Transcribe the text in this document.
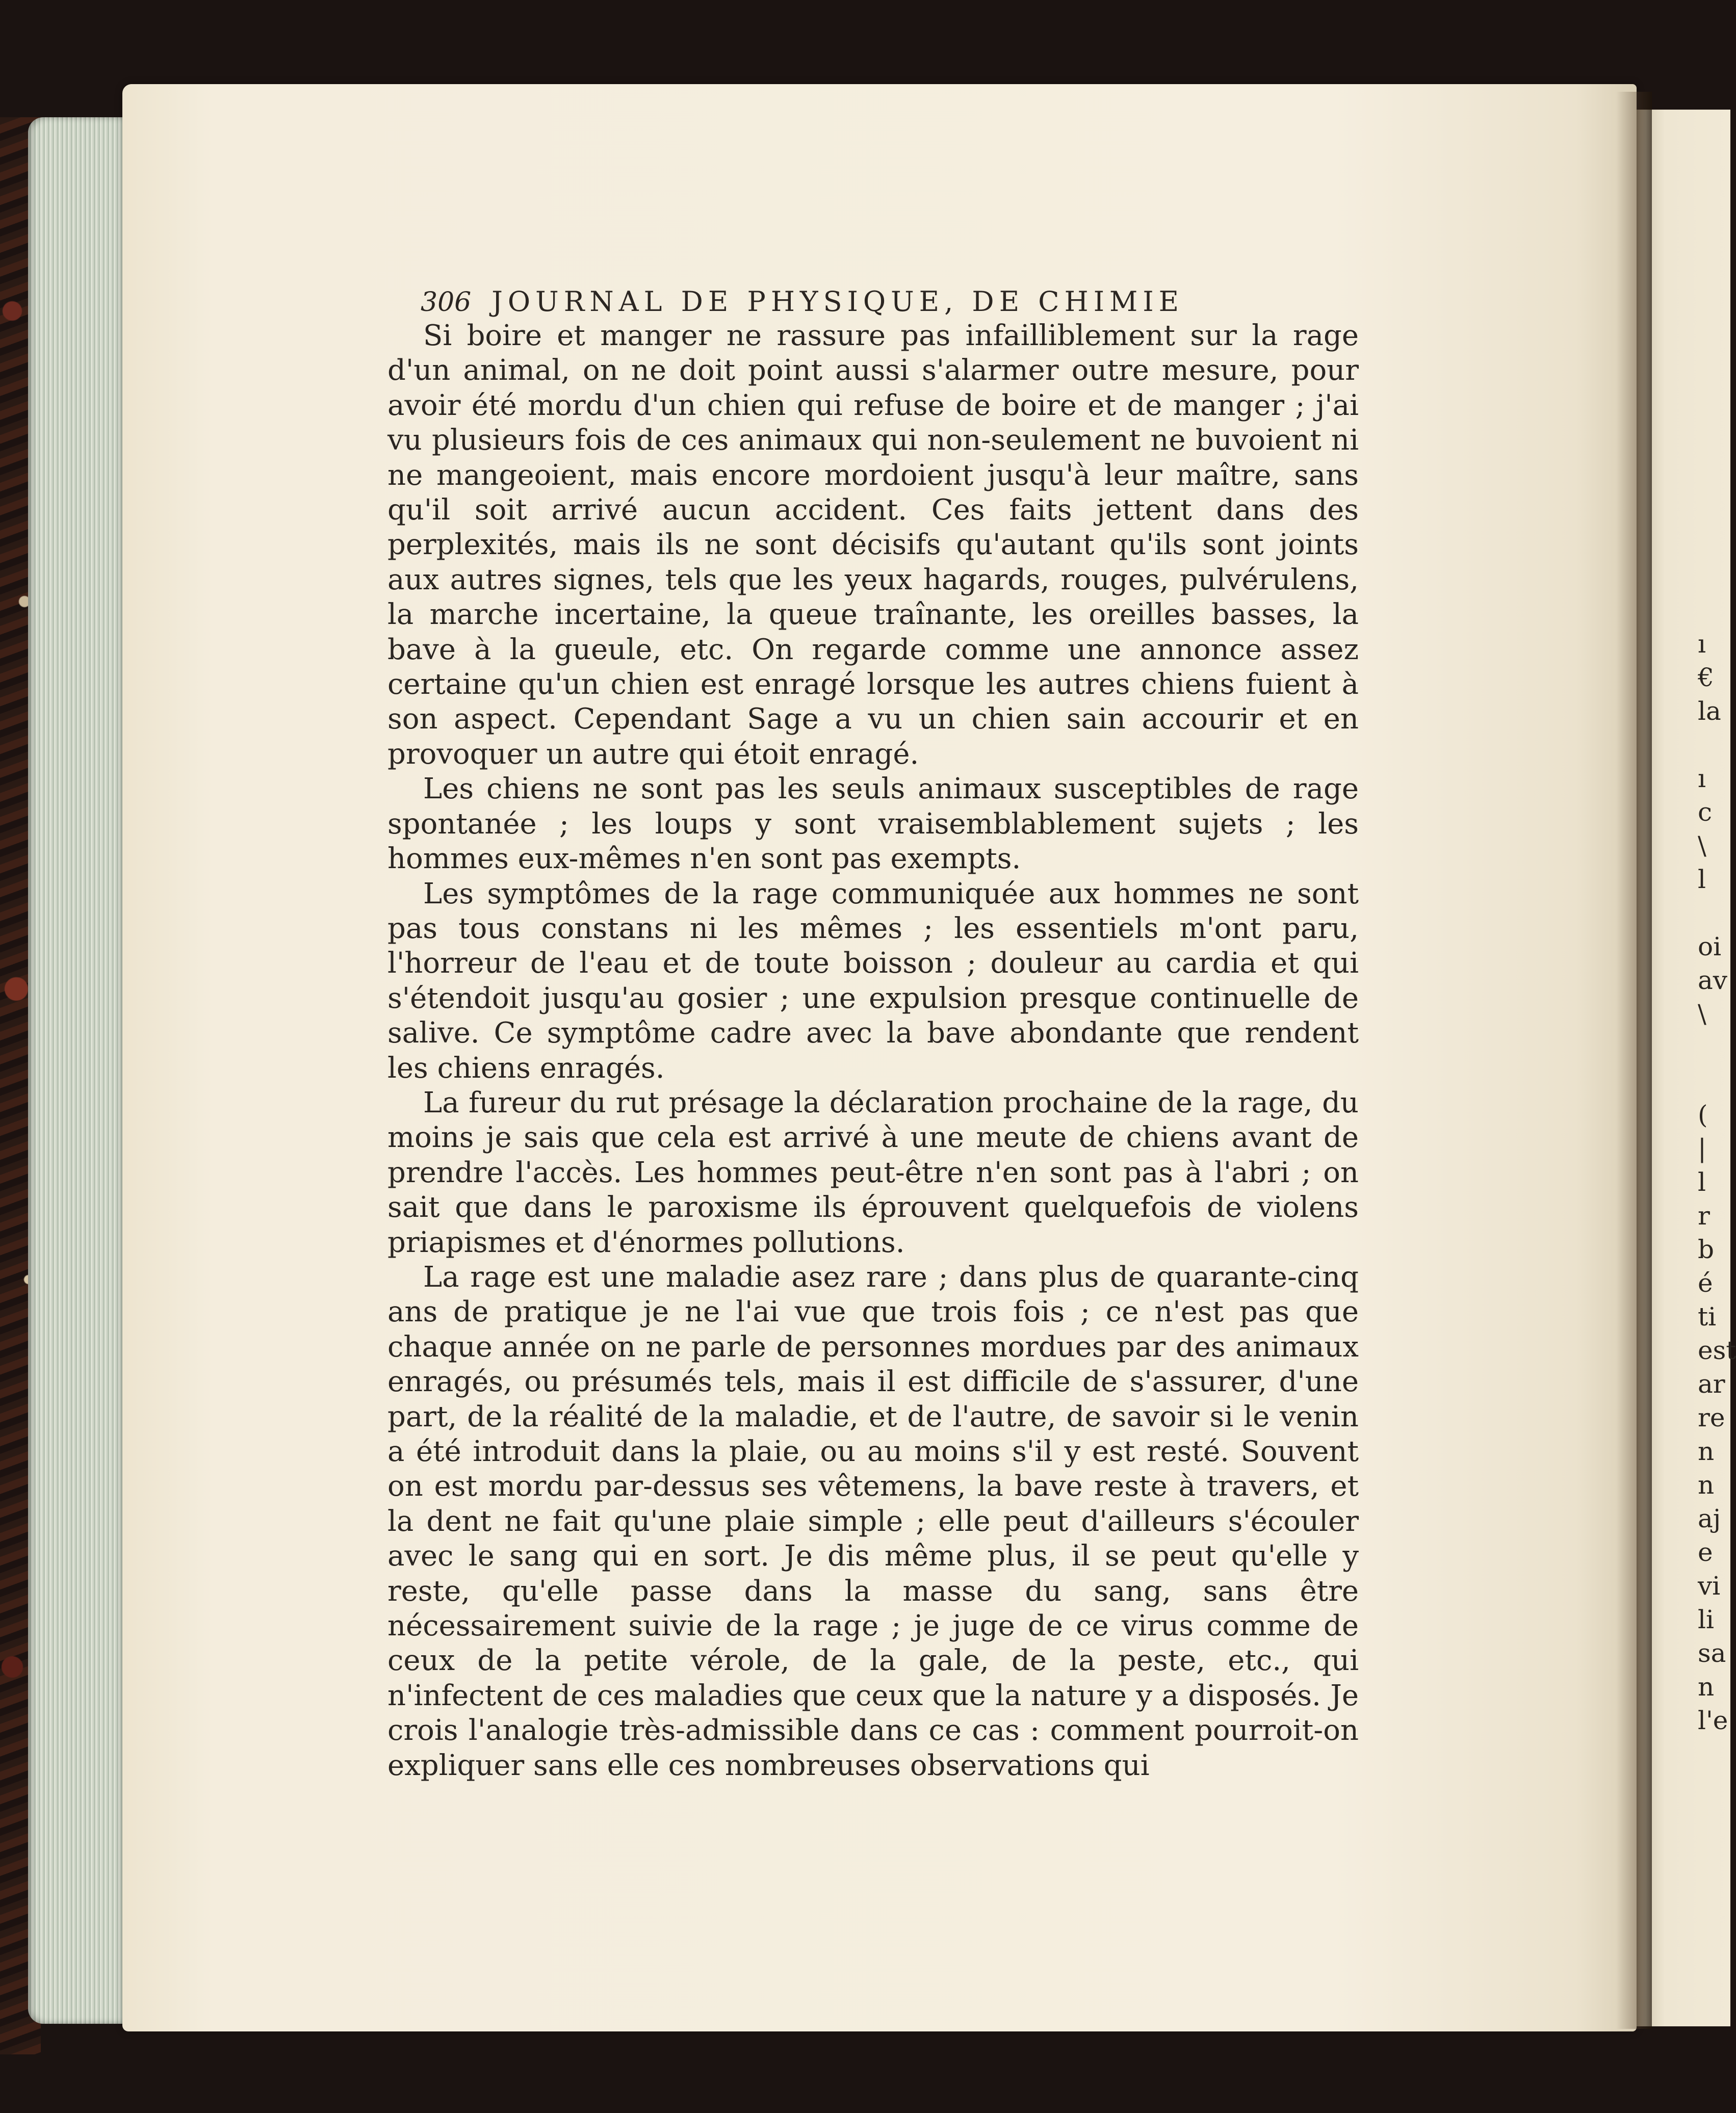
ı
€
la

ı
c
\
l

oi
av
\

(
|
l
r
b
é
ti
est
ar
re
n
n
aj
e
vi
li
sa
n
l'e
306 JOURNAL DE PHYSIQUE, DE CHIMIE

Si boire et manger ne rassure pas infailliblement sur la rage d'un animal, on ne doit point aussi s'alarmer outre mesure, pour avoir été mordu d'un chien qui refuse de boire et de manger ; j'ai vu plusieurs fois de ces animaux qui non-seulement ne buvoient ni ne mangeoient, mais encore mordoient jusqu'à leur maître, sans qu'il soit arrivé aucun accident. Ces faits jettent dans des perplexités, mais ils ne sont décisifs qu'autant qu'ils sont joints aux autres signes, tels que les yeux hagards, rouges, pulvérulens, la marche incertaine, la queue traînante, les oreilles basses, la bave à la gueule, etc. On regarde comme une annonce assez certaine qu'un chien est enragé lorsque les autres chiens fuient à son aspect. Cependant Sage a vu un chien sain accourir et en provoquer un autre qui étoit enragé.

Les chiens ne sont pas les seuls animaux susceptibles de rage spontanée ; les loups y sont vraisemblablement sujets ; les hommes eux-mêmes n'en sont pas exempts.

Les symptômes de la rage communiquée aux hommes ne sont pas tous constans ni les mêmes ; les essentiels m'ont paru, l'horreur de l'eau et de toute boisson ; douleur au cardia et qui s'étendoit jusqu'au gosier ; une expulsion presque continuelle de salive. Ce symptôme cadre avec la bave abondante que rendent les chiens enragés.

La fureur du rut présage la déclaration prochaine de la rage, du moins je sais que cela est arrivé à une meute de chiens avant de prendre l'accès. Les hommes peut-être n'en sont pas à l'abri ; on sait que dans le paroxisme ils éprouvent quelquefois de violens priapismes et d'énormes pollutions.

La rage est une maladie asez rare ; dans plus de quarante-cinq ans de pratique je ne l'ai vue que trois fois ; ce n'est pas que chaque année on ne parle de personnes mordues par des animaux enragés, ou présumés tels, mais il est difficile de s'assurer, d'une part, de la réalité de la maladie, et de l'autre, de savoir si le venin a été introduit dans la plaie, ou au moins s'il y est resté. Souvent on est mordu par-dessus ses vêtemens, la bave reste à travers, et la dent ne fait qu'une plaie simple ; elle peut d'ailleurs s'écouler avec le sang qui en sort. Je dis même plus, il se peut qu'elle y reste, qu'elle passe dans la masse du sang, sans être nécessairement suivie de la rage ; je juge de ce virus comme de ceux de la petite vérole, de la gale, de la peste, etc., qui n'infectent de ces maladies que ceux que la nature y a disposés. Je crois l'analogie très-admissible dans ce cas : comment pourroit-on expliquer sans elle ces nombreuses observations qui
